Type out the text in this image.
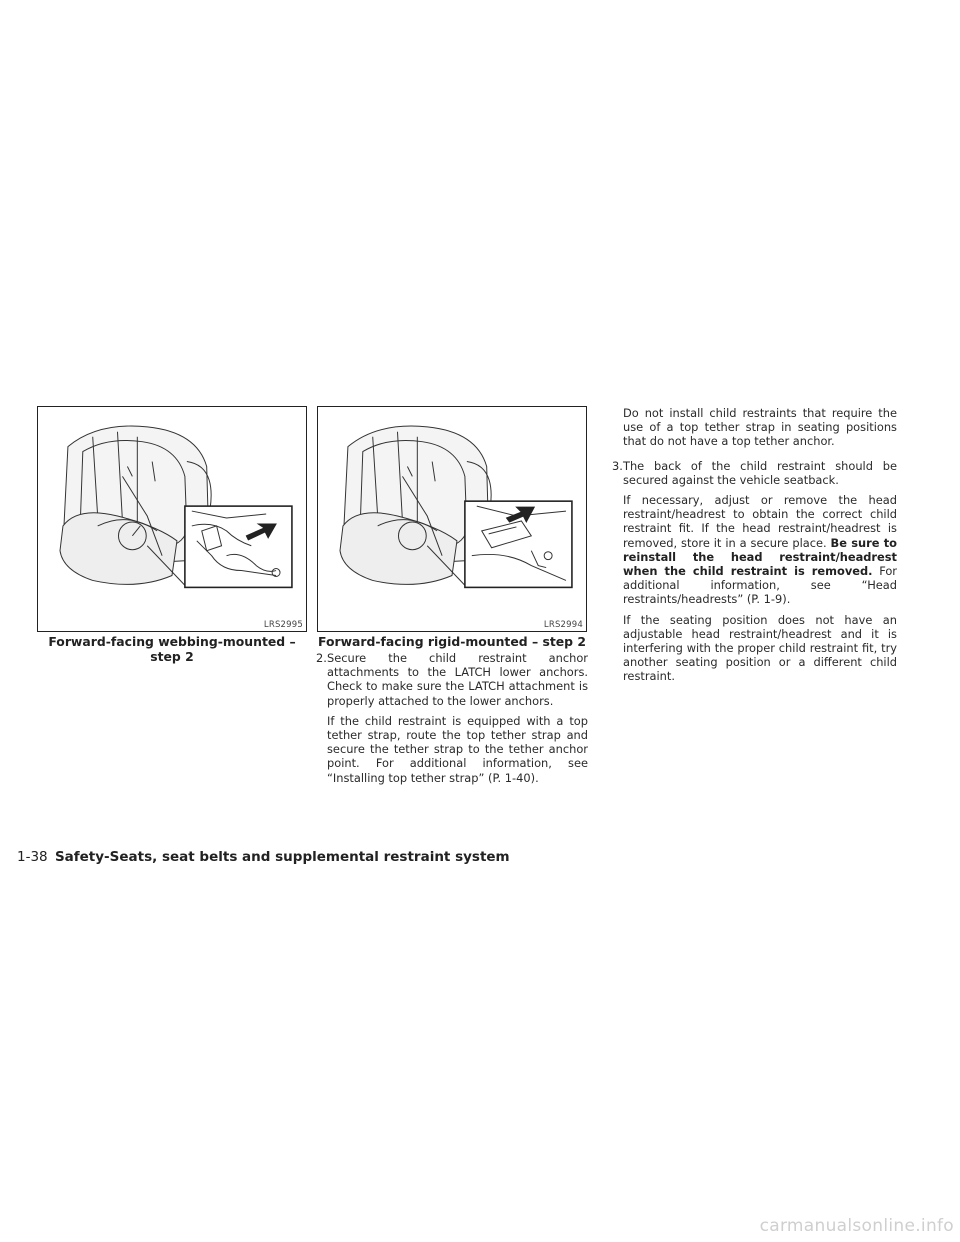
LRS2995
Forward-facing webbing-mounted – step 2
LRS2994
Forward-facing rigid-mounted – step 2
2. Secure the child restraint anchor attachments to the LATCH lower anchors. Check to make sure the LATCH attachment is properly attached to the lower anchors.

If the child restraint is equipped with a top tether strap, route the top tether strap and secure the tether strap to the tether anchor point. For additional information, see “Installing top tether strap” (P. 1-40).

Do not install child restraints that require the use of a top tether strap in seating positions that do not have a top tether anchor.

3. The back of the child restraint should be secured against the vehicle seatback.

If necessary, adjust or remove the head restraint/headrest to obtain the correct child restraint fit. If the head restraint/headrest is removed, store it in a secure place. Be sure to reinstall the head restraint/headrest when the child restraint is removed. For additional information, see “Head restraints/headrests” (P. 1-9).

If the seating position does not have an adjustable head restraint/headrest and it is interfering with the proper child restraint fit, try another seating position or a different child restraint.

1-38 Safety-Seats, seat belts and supplemental restraint system
carmanualsonline.info
